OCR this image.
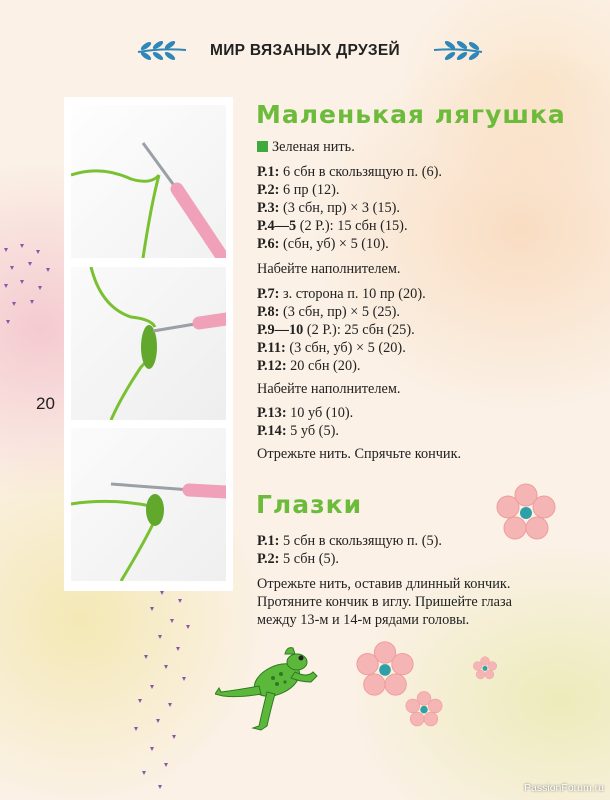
МИР ВЯЗАНЫХ ДРУЗЕЙ
20
Маленькая лягушка
Зеленая нить.
Р.1: 6 сбн в скользящую п. (6).
Р.2: 6 пр (12).
Р.3: (3 сбн, пр) × 3 (15).
Р.4—5 (2 Р.): 15 сбн (15).
Р.6: (сбн, уб) × 5 (10).
Набейте наполнителем.
Р.7: з. сторона п. 10 пр (20).
Р.8: (3 сбн, пр) × 5 (25).
Р.9—10 (2 Р.): 25 сбн (25).
Р.11: (3 сбн, уб) × 5 (20).
Р.12: 20 сбн (20).
Набейте наполнителем.
Р.13: 10 уб (10).
Р.14: 5 уб (5).
Отрежьте нить. Спрячьте кончик.
Глазки
Р.1: 5 сбн в скользящую п. (5).
Р.2: 5 сбн (5).
Отрежьте нить, оставив длинный кончик.
Протяните кончик в иглу. Пришейте глаза
между 13-м и 14-м рядами головы.
PassionForum.ru
